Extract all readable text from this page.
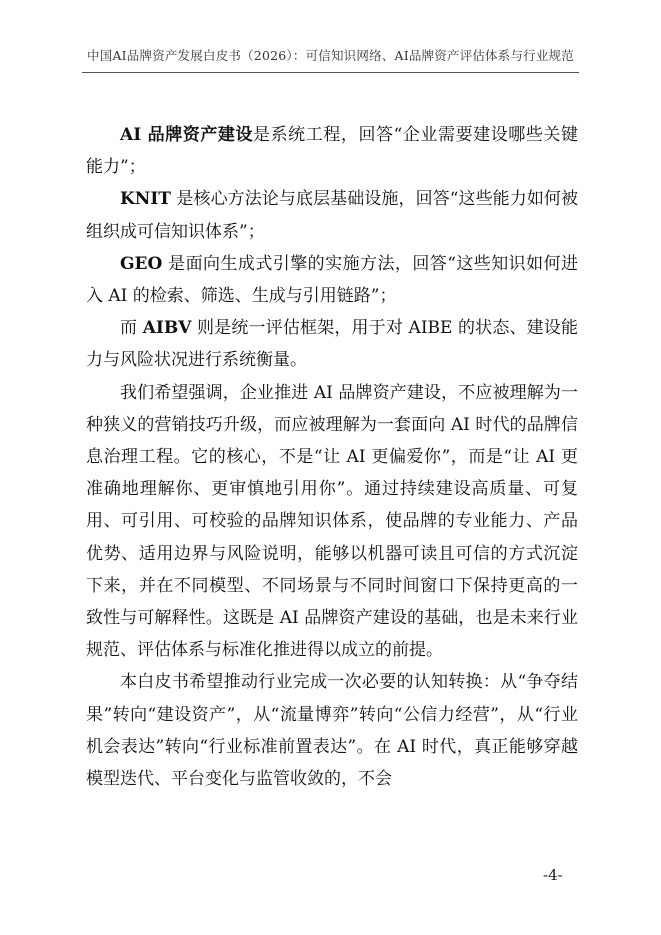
中国AI品牌资产发展白皮书（2026）：可信知识网络、AI品牌资产评估体系与行业规范

AI 品牌资产建设是系统工程，回答“企业需要建设哪些关键能力”；

KNIT 是核心方法论与底层基础设施，回答“这些能力如何被组织成可信知识体系”；

GEO 是面向生成式引擎的实施方法，回答“这些知识如何进入 AI 的检索、筛选、生成与引用链路”；

而 AIBV 则是统一评估框架，用于对 AIBE 的状态、建设能力与风险状况进行系统衡量。

我们希望强调，企业推进 AI 品牌资产建设，不应被理解为一种狭义的营销技巧升级，而应被理解为一套面向 AI 时代的品牌信息治理工程。它的核心，不是“让 AI 更偏爱你”，而是“让 AI 更准确地理解你、更审慎地引用你”。通过持续建设高质量、可复用、可引用、可校验的品牌知识体系，使品牌的专业能力、产品优势、适用边界与风险说明，能够以机器可读且可信的方式沉淀下来，并在不同模型、不同场景与不同时间窗口下保持更高的一致性与可解释性。这既是 AI 品牌资产建设的基础，也是未来行业规范、评估体系与标准化推进得以成立的前提。

本白皮书希望推动行业完成一次必要的认知转换：从“争夺结果”转向“建设资产”，从“流量博弈”转向“公信力经营”，从“行业机会表达”转向“行业标准前置表达”。在 AI 时代，真正能够穿越模型迭代、平台变化与监管收敛的，不会

-4-
